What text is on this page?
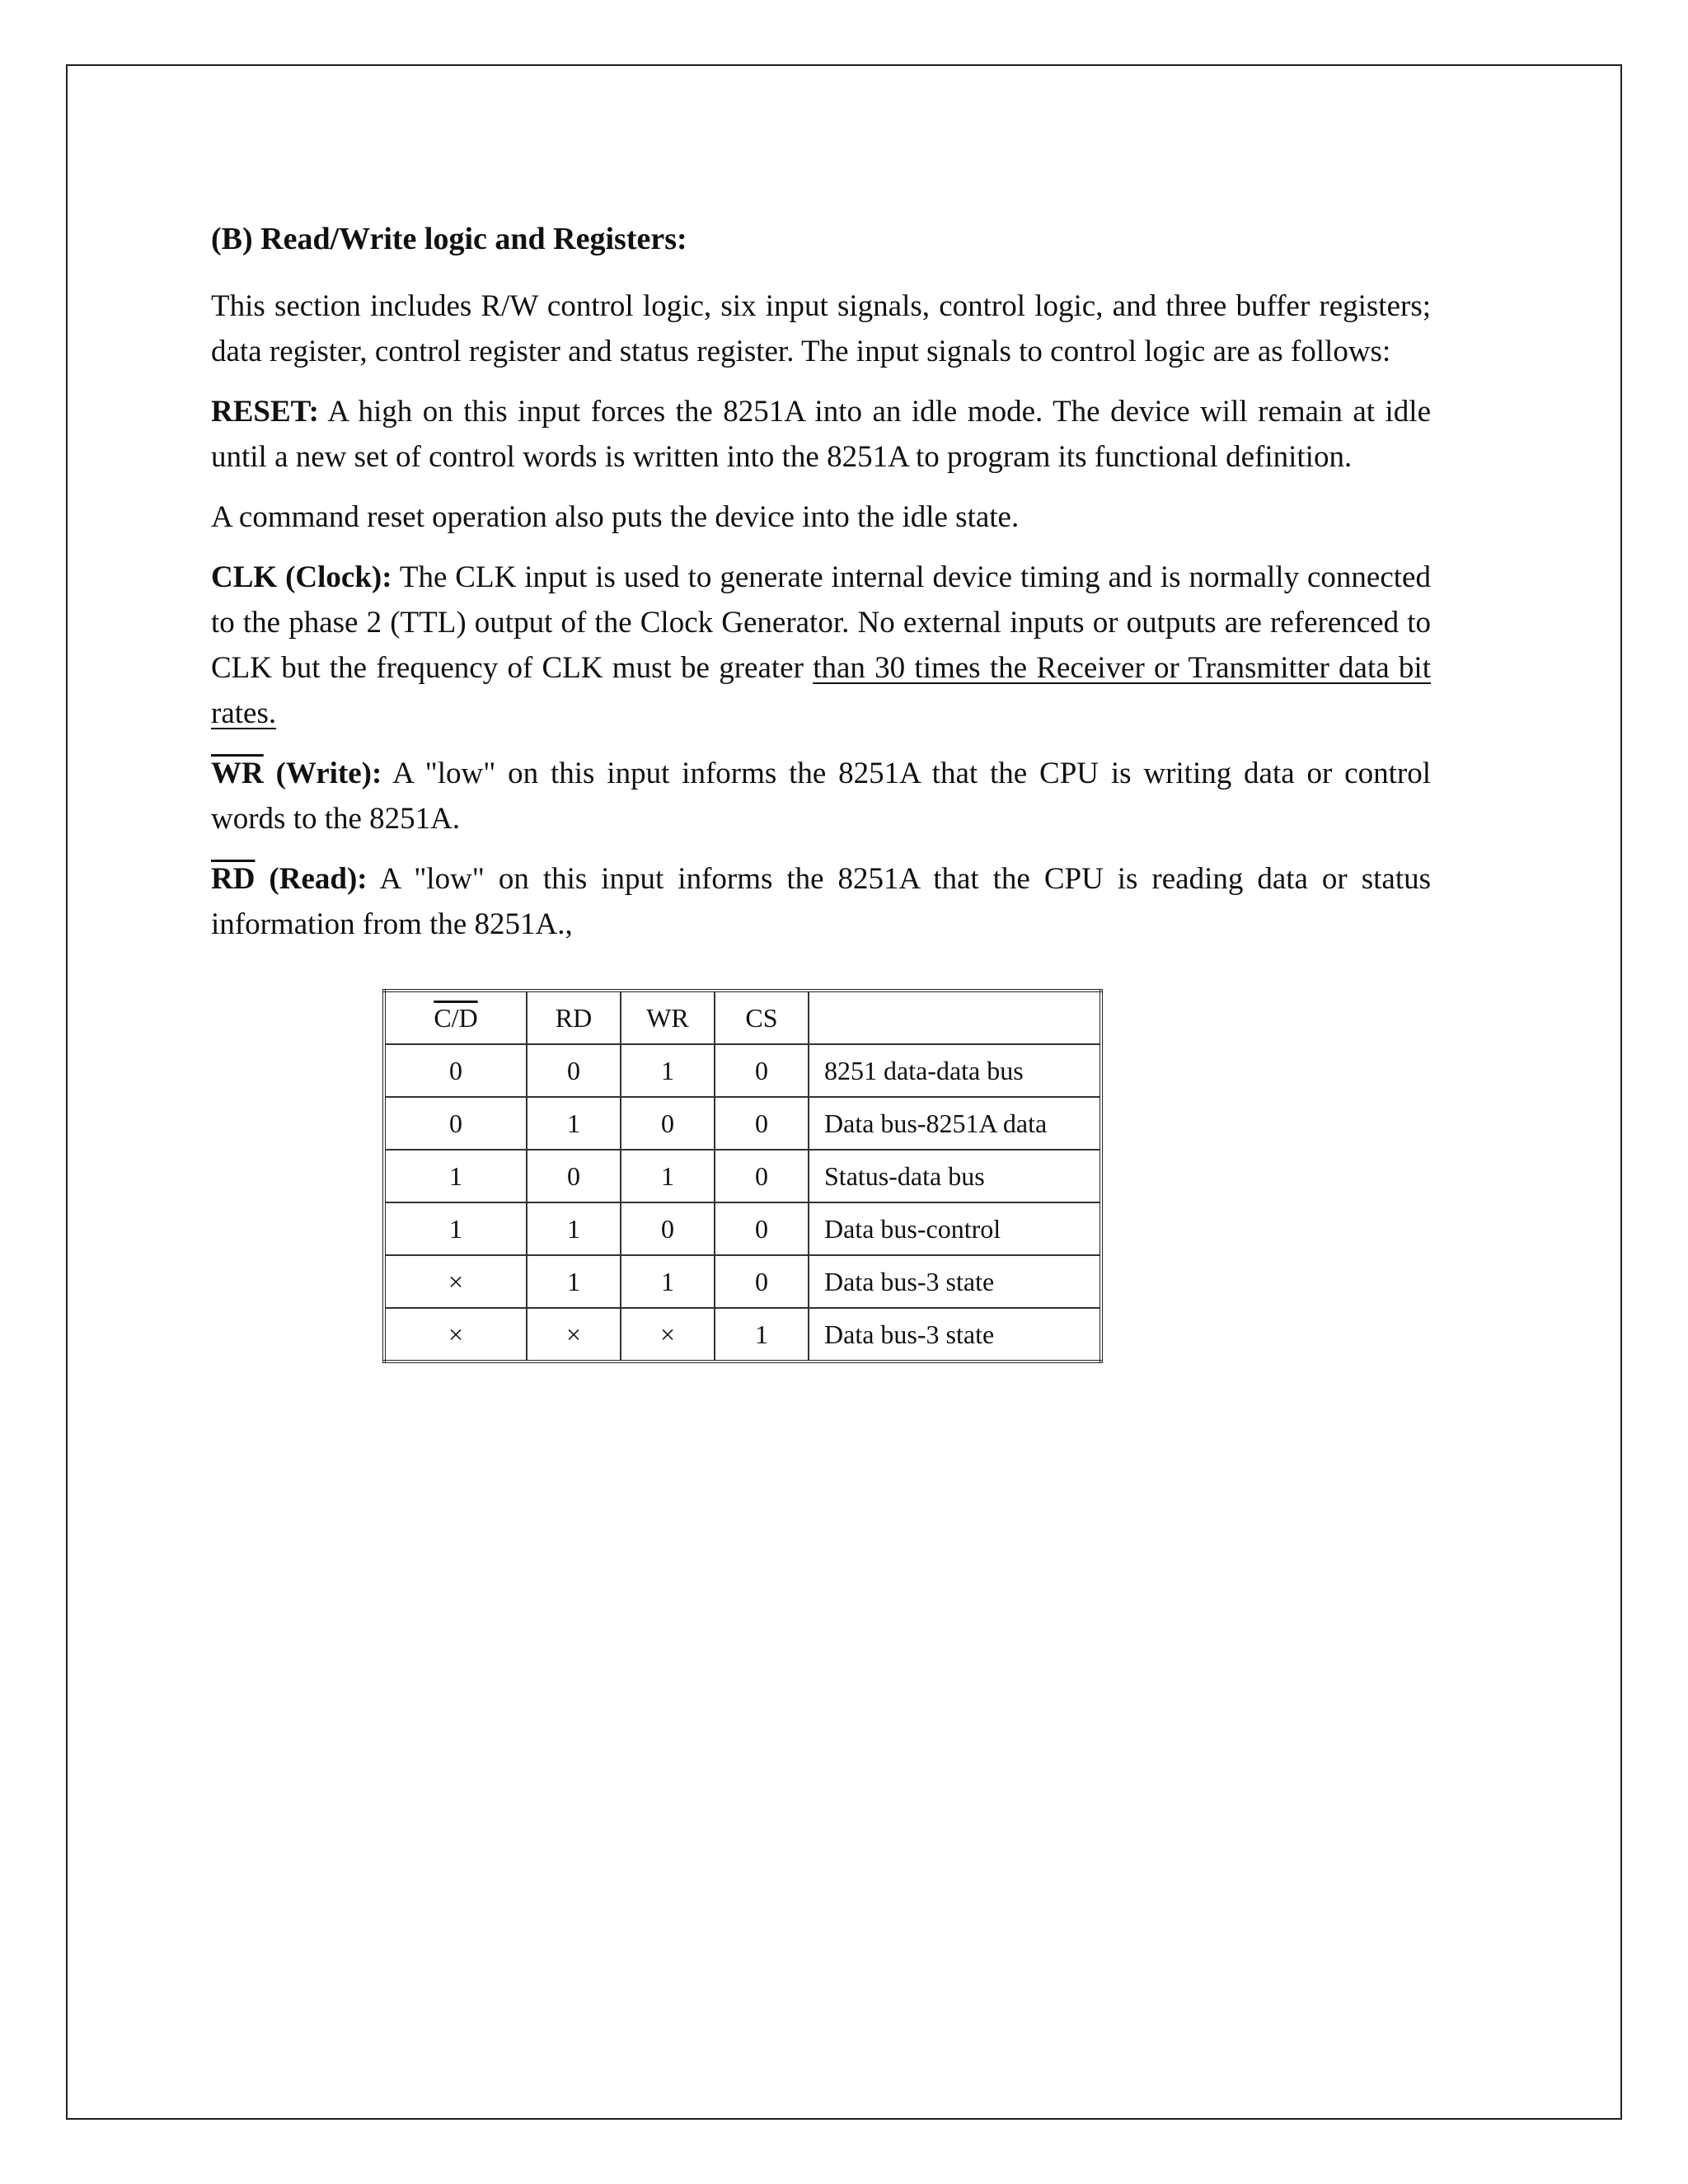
(B) Read/Write logic and Registers:

This section includes R/W control logic, six input signals, control logic, and three buffer registers; data register, control register and status register. The input signals to control logic are as follows:

RESET: A high on this input forces the 8251A into an idle mode. The device will remain at idle until a new set of control words is written into the 8251A to program its functional definition.

A command reset operation also puts the device into the idle state.

CLK (Clock): The CLK input is used to generate internal device timing and is normally connected to the phase 2 (TTL) output of the Clock Generator. No external inputs or outputs are referenced to CLK but the frequency of CLK must be greater than 30 times the Receiver or Transmitter data bit rates.

$\overline{WR}$ (Write): A "low" on this input informs the 8251A that the CPU is writing data or control words to the 8251A.

$\overline{RD}$ (Read): A "low" on this input informs the 8251A that the CPU is reading data or status information from the 8251A.,

C/D	RD	WR	CS	
0	0	1	0	8251 data-data bus
0	1	0	0	Data bus-8251A data
1	0	1	0	Status-data bus
1	1	0	0	Data bus-control
×	1	1	0	Data bus-3 state
×	×	×	1	Data bus-3 state
